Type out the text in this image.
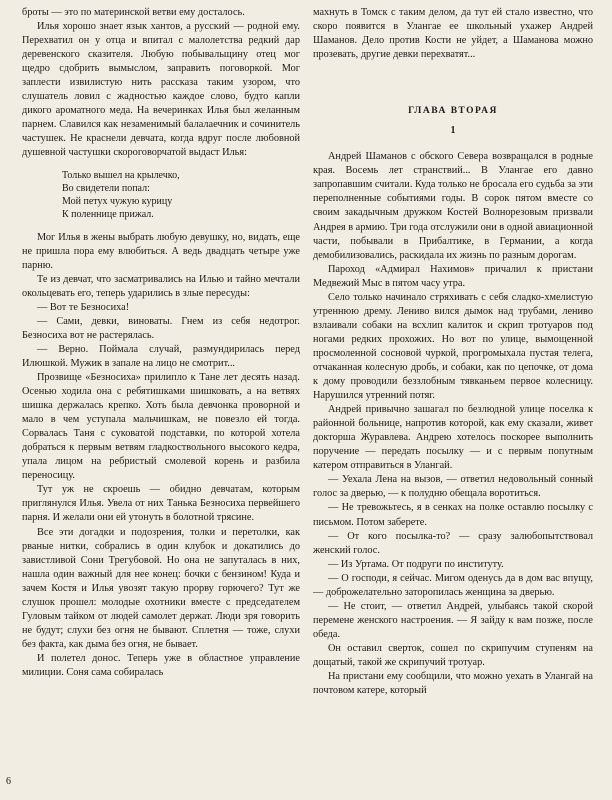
броты — это по материнской ветви ему досталось.

Илья хорошо знает язык хантов, а русский — родной ему. Перехватил он у отца и впитал с малолетства редкий дар деревенского сказителя. Любую побывальщину отец мог щедро сдобрить вымыслом, заправить поговоркой. Мог заплести извилистую нить рассказа таким узором, что слушатель ловил с жадностью каждое слово, будто капли дикого ароматного меда. На вечеринках Илья был желанным парнем. Славился как незаменимый балалаечник и сочинитель частушек. Не краснели девчата, когда вдруг после любовной душевной частушки скороговорчатой выдаст Илья:

Только вышел на крылечко,
Во свидетели попал:
Мой петух чужую курицу
К поленнице прижал.

Мог Илья в жены выбрать любую девушку, но, видать, еще не пришла пора ему влюбиться. А ведь двадцать четыре уже парню.

Те из девчат, что засматривались на Илью и тайно мечтали окольцевать его, теперь ударились в злые пересуды:

— Вот те Безносиха!

— Сами, девки, виноваты. Гнем из себя недотрог. Безносиха вот не растерялась.

— Верно. Поймала случай, размундирилась перед Илюшкой. Мужик в запале на лицо не смотрит...

Прозвище «Безносиха» прилипло к Тане лет десять назад. Осенью ходила она с ребятишками шишковать, а на ветвях шишка держалась крепко. Хоть была девчонка проворной и мало в чем уступала мальчишкам, не повезло ей тогда. Сорвалась Таня с суковатой подставки, по которой хотела добраться к первым ветвям гладкоствольного высокого кедра, упала лицом на ребристый смолевой корень и разбила переносицу.

Тут уж не скроешь — обидно девчатам, которым приглянулся Илья. Увела от них Танька Безносиха первейшего парня. И желали они ей утонуть в болотной трясине.

Все эти догадки и подозрения, толки и перетолки, как рваные нитки, собрались в один клубок и докатились до завистливой Сони Трегубовой. Но она не запуталась в них, нашла один важный для нее конец: бочки с бензином! Куда и зачем Костя и Илья увозят такую прорву горючего? Тут же слушок прошел: молодые охотники вместе с председателем Гуловым тайком от людей самолет держат. Люди зря говорить не будут; слухи без огня не бывают. Сплетня — тоже, слухи без факта, как дыма без огня, не бывает.

И полетел донос. Теперь уже в областное управление милиции. Соня сама собиралась

махнуть в Томск с таким делом, да тут ей стало известно, что скоро появится в Улангае ее школьный ухажер Андрей Шаманов. Дело против Кости не уйдет, а Шаманова можно прозевать, другие девки перехватят...

ГЛАВА ВТОРАЯ
1

Андрей Шаманов с обского Севера возвращался в родные края. Восемь лет странствий... В Улангае его давно запропавшим считали. Куда только не бросала его судьба за эти переполненные событиями годы. В сорок пятом вместе со своим закадычным дружком Костей Волнорезовым призвали Андрея в армию. Три года отслужили они в одной авиационной части, побывали в Прибалтике, в Германии, а когда демобилизовались, раскидала их жизнь по разным дорогам.

Пароход «Адмирал Нахимов» причалил к пристани Медвежий Мыс в пятом часу утра.

Село только начинало стряхивать с себя сладко-хмелистую утреннюю дрему. Лениво вился дымок над трубами, лениво взлаивали собаки на всхлип калиток и скрип тротуаров под ногами редких прохожих. Но вот по улице, вымощенной просмоленной сосновой чуркой, прогромыхала пустая телега, отчаканная колесную дробь, и собаки, как по цепочке, от дома к дому проводили беззлобным тявканьем первое колесницу. Нарушился утренний потяг.

Андрей привычно зашагал по безлюдной улице поселка к районной больнице, напротив которой, как ему сказали, живет докторша Журавлева. Андрею хотелось поскорее выполнить поручение — передать посылку — и с первым попутным катером отправиться в Улангай.

— Уехала Лена на вызов, — ответил недовольный сонный голос за дверью, — к полудню обещала воротиться.

— Не тревожьтесь, я в сенках на полке оставлю посылку с письмом. Потом заберете.

— От кого посылка-то? — сразу залюбопытствовал женский голос.

— Из Уртама. От подруги по институту.

— О господи, я сейчас. Мигом оденусь да в дом вас впущу, — доброжелательно заторопилась женщина за дверью.

— Не стоит, — ответил Андрей, улыбаясь такой скорой перемене женского настроения. — Я зайду к вам позже, после обеда.

Он оставил сверток, сошел по скрипучим ступеням на дощатый, такой же скрипучий тротуар.

На пристани ему сообщили, что можно уехать в Улангай на почтовом катере, который

6
